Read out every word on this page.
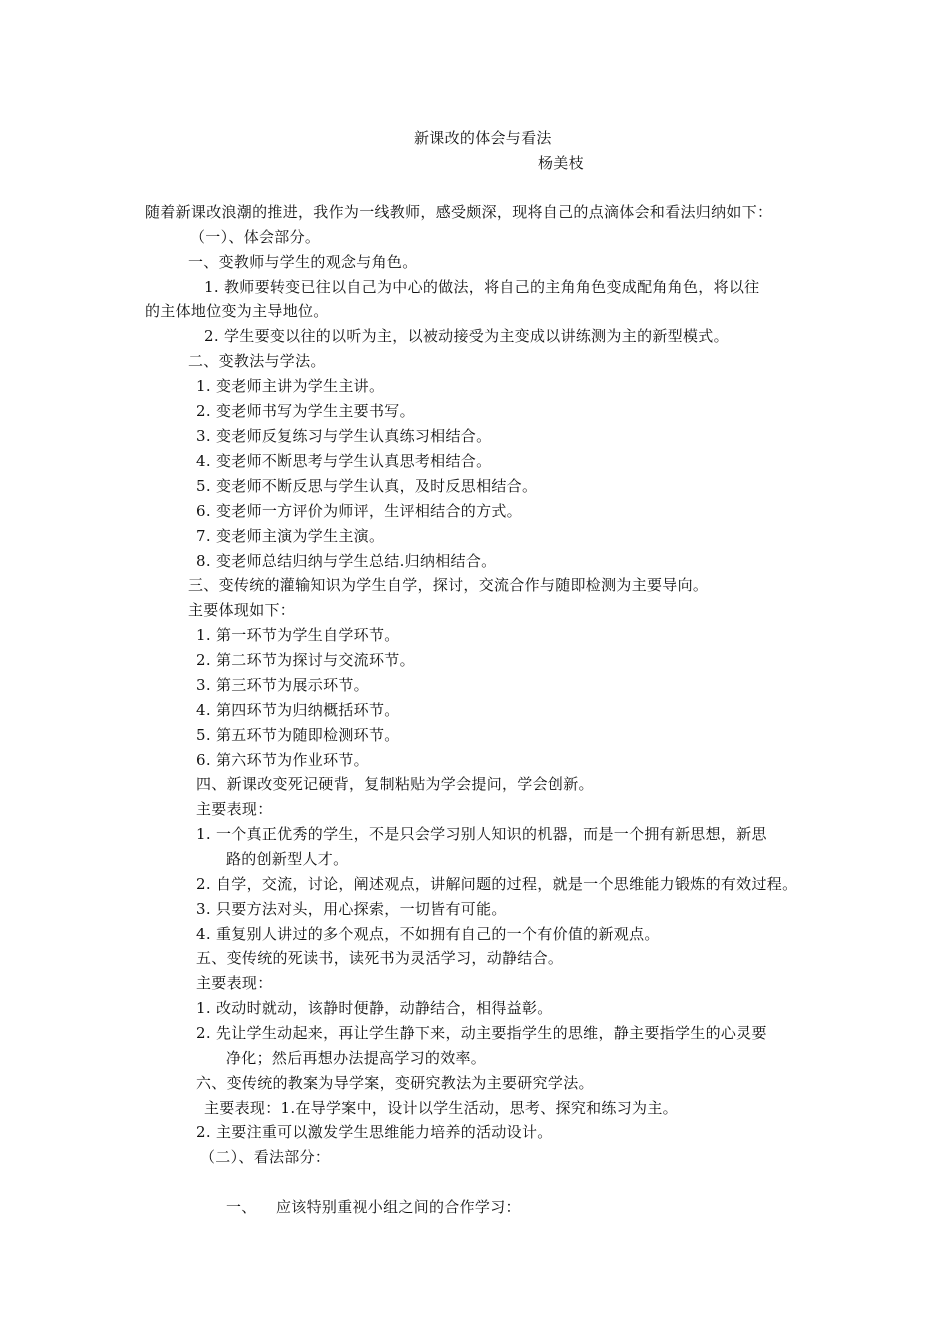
新课改的体会与看法
杨美枝
随着新课改浪潮的推进，我作为一线教师，感受颇深，现将自己的点滴体会和看法归纳如下：
（一）、体会部分。
一、变教师与学生的观念与角色。
1. 教师要转变已往以自己为中心的做法，将自己的主角角色变成配角角色，将以往
的主体地位变为主导地位。
2. 学生要变以往的以听为主，以被动接受为主变成以讲练测为主的新型模式。
二、变教法与学法。
1. 变老师主讲为学生主讲。
2. 变老师书写为学生主要书写。
3. 变老师反复练习与学生认真练习相结合。
4. 变老师不断思考与学生认真思考相结合。
5. 变老师不断反思与学生认真，及时反思相结合。
6. 变老师一方评价为师评，生评相结合的方式。
7. 变老师主演为学生主演。
8. 变老师总结归纳与学生总结.归纳相结合。
三、变传统的灌输知识为学生自学，探讨，交流合作与随即检测为主要导向。
主要体现如下：
1. 第一环节为学生自学环节。
2. 第二环节为探讨与交流环节。
3. 第三环节为展示环节。
4. 第四环节为归纳概括环节。
5. 第五环节为随即检测环节。
6. 第六环节为作业环节。
四、新课改变死记硬背，复制粘贴为学会提问，学会创新。
主要表现：
1. 一个真正优秀的学生，不是只会学习别人知识的机器，而是一个拥有新思想，新思
路的创新型人才。
2. 自学，交流，讨论，阐述观点，讲解问题的过程，就是一个思维能力锻炼的有效过程。
3. 只要方法对头，用心探索，一切皆有可能。
4. 重复别人讲过的多个观点，不如拥有自己的一个有价值的新观点。
五、变传统的死读书，读死书为灵活学习，动静结合。
主要表现：
1. 改动时就动，该静时便静，动静结合，相得益彰。
2. 先让学生动起来，再让学生静下来，动主要指学生的思维，静主要指学生的心灵要
净化；然后再想办法提高学习的效率。
六、变传统的教案为导学案，变研究教法为主要研究学法。
主要表现：1.在导学案中，设计以学生活动，思考、探究和练习为主。
2. 主要注重可以激发学生思维能力培养的活动设计。
（二）、看法部分：
一、 应该特别重视小组之间的合作学习：
